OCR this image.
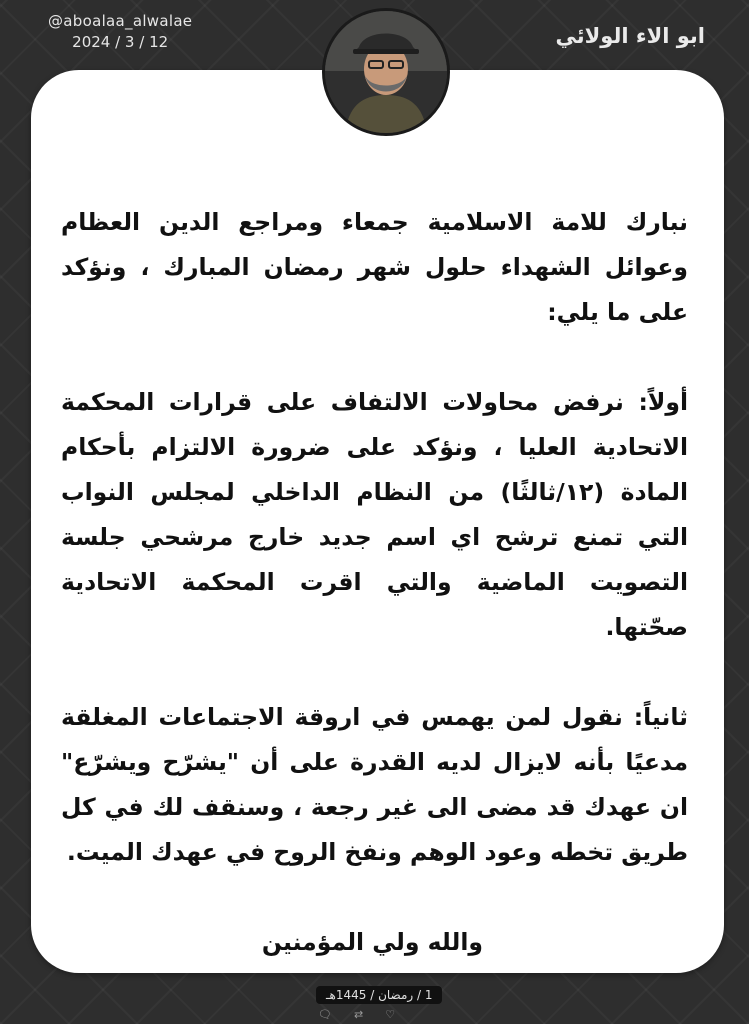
@aboalaa_alwalae
2024 / 3 / 12	ابو الاء الولائي

نبارك للامة الاسلامية جمعاء ومراجع الدين العظام وعوائل الشهداء حلول شهر رمضان المبارك ، ونؤكد على ما يلي:

أولاً: نرفض محاولات الالتفاف على قرارات المحكمة الاتحادية العليا ، ونؤكد على ضرورة الالتزام بأحكام المادة (١٢/ثالثًا) من النظام الداخلي لمجلس النواب التي تمنع ترشح اي اسم جديد خارج مرشحي جلسة التصويت الماضية والتي اقرت المحكمة الاتحادية صحّتها.

ثانياً: نقول لمن يهمس في اروقة الاجتماعات المغلقة مدعيًا بأنه لايزال لديه القدرة على أن "يشرّح ويشرّع" ان عهدك قد مضى الى غير رجعة ، وسنقف لك في كل طريق تخطه وعود الوهم ونفخ الروح في عهدك الميت.

والله ولي المؤمنين

1 / رمضان / 1445هـ
🗨 ⇄ ♡
